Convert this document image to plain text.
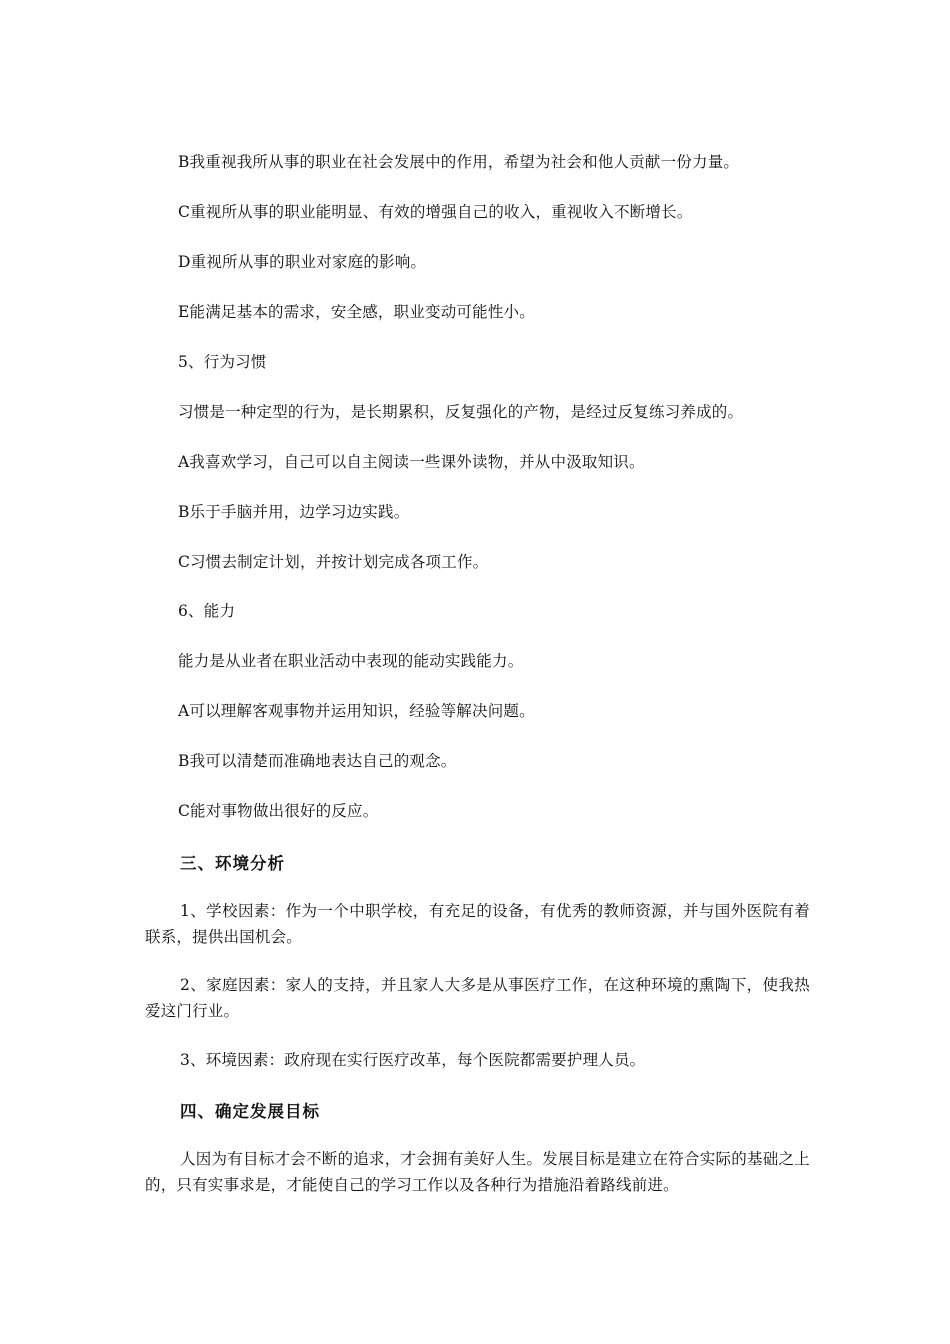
B我重视我所从事的职业在社会发展中的作用，希望为社会和他人贡献一份力量。
C重视所从事的职业能明显、有效的增强自己的收入，重视收入不断增长。
D重视所从事的职业对家庭的影响。
E能满足基本的需求，安全感，职业变动可能性小。
5、行为习惯
习惯是一种定型的行为，是长期累积，反复强化的产物，是经过反复练习养成的。
A我喜欢学习，自己可以自主阅读一些课外读物，并从中汲取知识。
B乐于手脑并用，边学习边实践。
C习惯去制定计划，并按计划完成各项工作。
6、能力
能力是从业者在职业活动中表现的能动实践能力。
A可以理解客观事物并运用知识，经验等解决问题。
B我可以清楚而准确地表达自己的观念。
C能对事物做出很好的反应。
三、环境分析
1、学校因素：作为一个中职学校，有充足的设备，有优秀的教师资源，并与国外医院有着联系，提供出国机会。
2、家庭因素：家人的支持，并且家人大多是从事医疗工作，在这种环境的熏陶下，使我热爱这门行业。
3、环境因素：政府现在实行医疗改革，每个医院都需要护理人员。
四、确定发展目标
人因为有目标才会不断的追求，才会拥有美好人生。发展目标是建立在符合实际的基础之上的，只有实事求是，才能使自己的学习工作以及各种行为措施沿着路线前进。
